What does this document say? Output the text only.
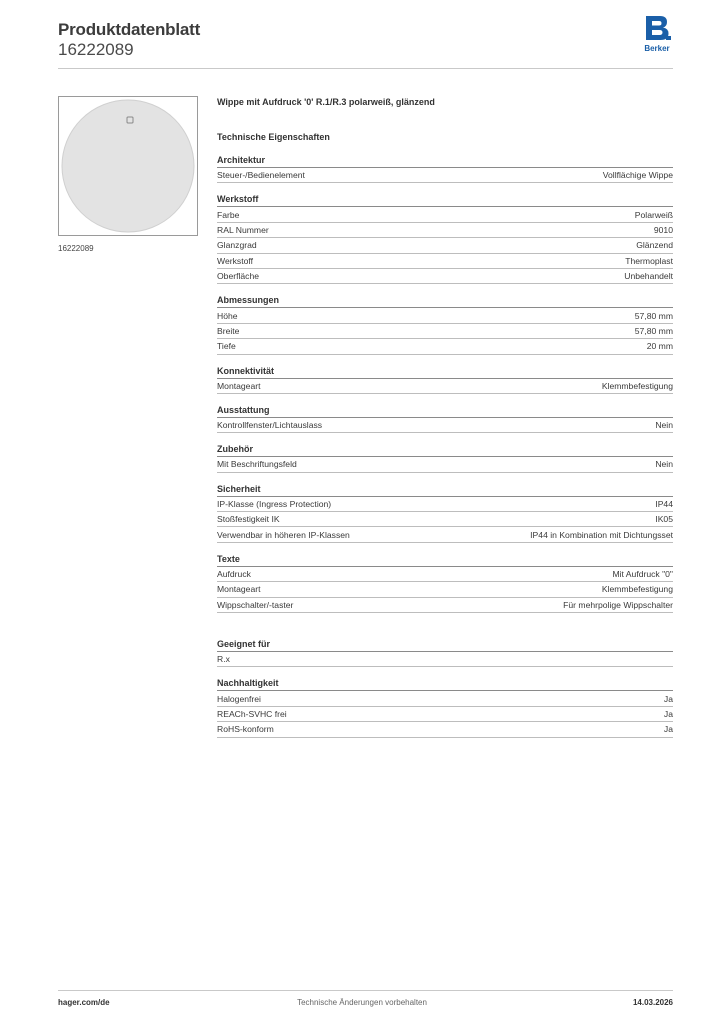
Produktdatenblatt
16222089	Berker
16222089
Wippe mit Aufdruck '0' R.1/R.3 polarweiß, glänzend
Technische Eigenschaften
Architektur
Steuer-/Bedienelement	Vollflächige Wippe
Werkstoff
Farbe	Polarweiß
RAL Nummer	9010
Glanzgrad	Glänzend
Werkstoff	Thermoplast
Oberfläche	Unbehandelt
Abmessungen
Höhe	57,80 mm
Breite	57,80 mm
Tiefe	20 mm
Konnektivität
Montageart	Klemmbefestigung
Ausstattung
Kontrollfenster/Lichtauslass	Nein
Zubehör
Mit Beschriftungsfeld	Nein
Sicherheit
IP-Klasse (Ingress Protection)	IP44
Stoßfestigkeit IK	IK05
Verwendbar in höheren IP-Klassen	IP44 in Kombination mit Dichtungsset
Texte
Aufdruck	Mit Aufdruck "0"
Montageart	Klemmbefestigung
Wippschalter/-taster	Für mehrpolige Wippschalter
Geeignet für
R.x
Nachhaltigkeit
Halogenfrei	Ja
REACh-SVHC frei	Ja
RoHS-konform	Ja
hager.com/de	Technische Änderungen vorbehalten	14.03.2026
